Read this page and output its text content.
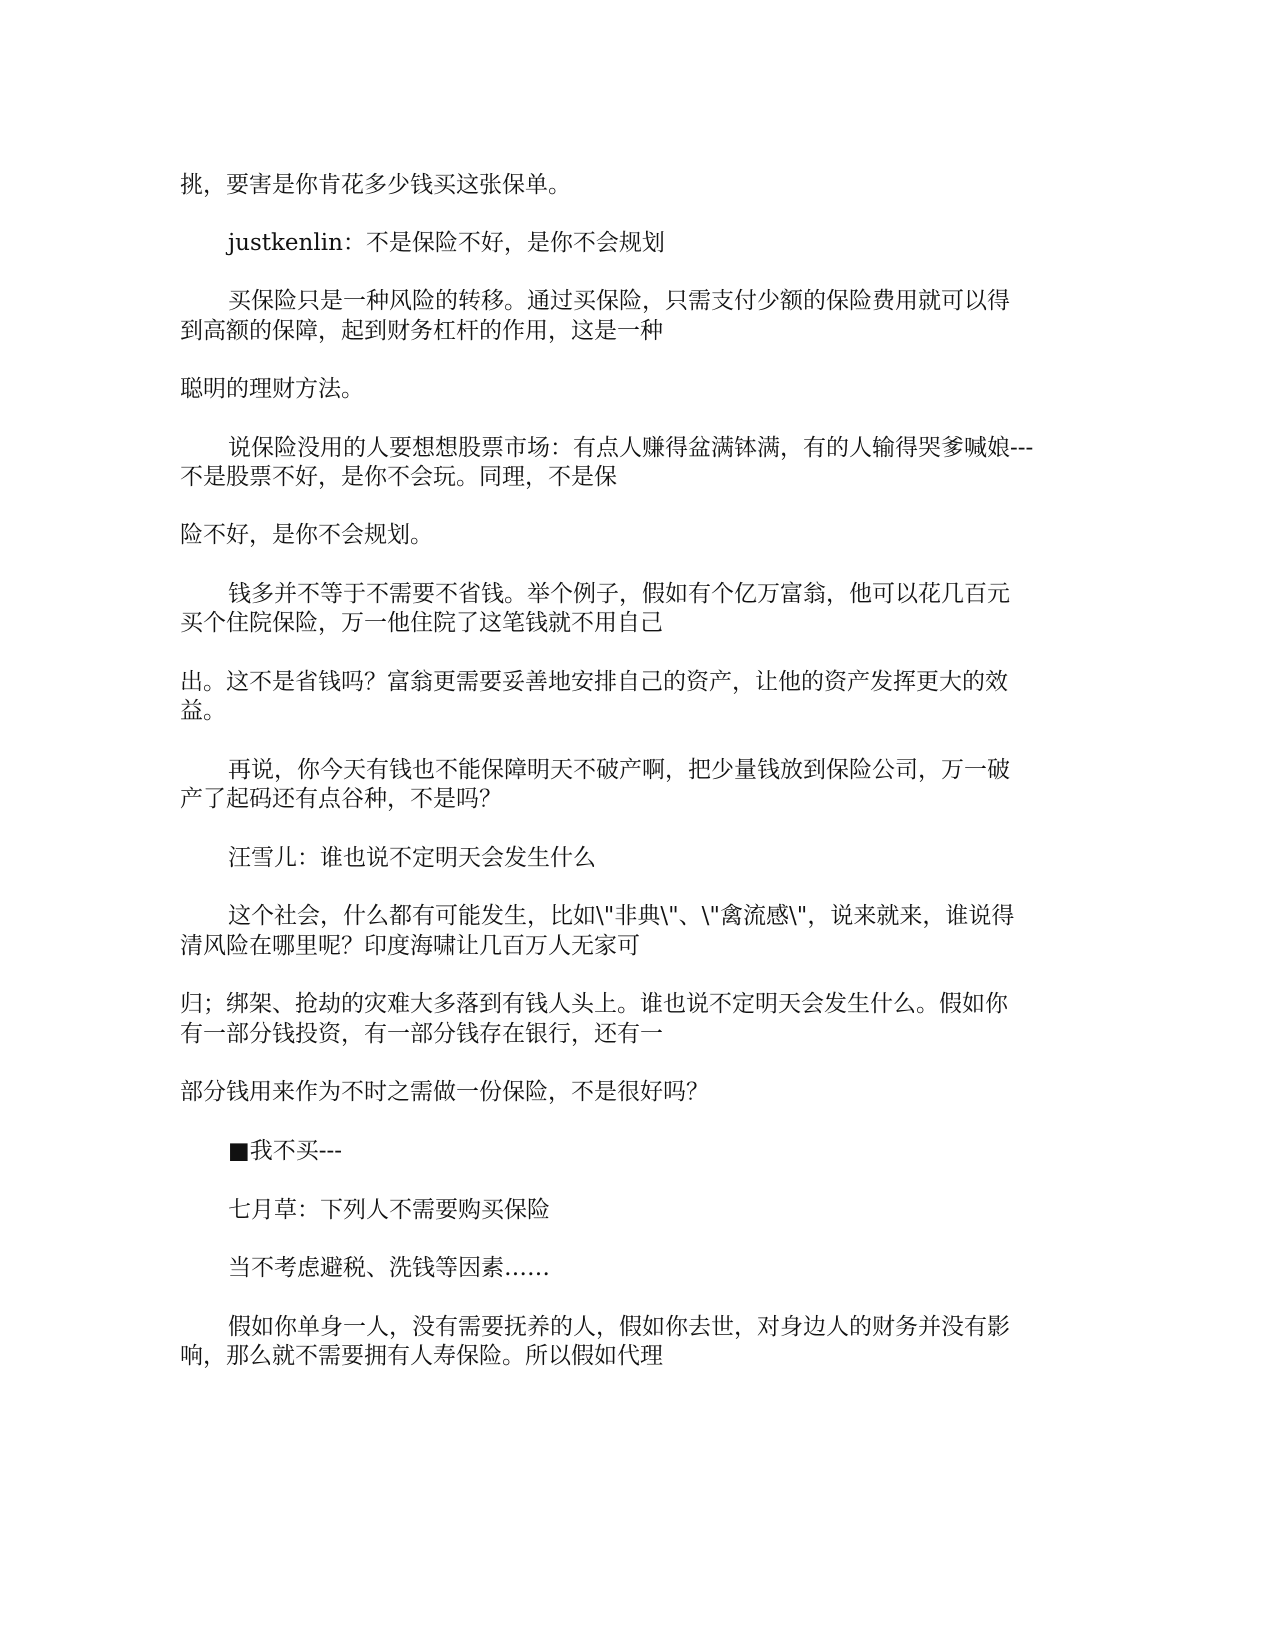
挑，要害是你肯花多少钱买这张保单。
justkenlin：不是保险不好，是你不会规划
买保险只是一种风险的转移。通过买保险，只需支付少额的保险费用就可以得
到高额的保障，起到财务杠杆的作用，这是一种
聪明的理财方法。
说保险没用的人要想想股票市场：有点人赚得盆满钵满，有的人输得哭爹喊娘---
不是股票不好，是你不会玩。同理，不是保
险不好，是你不会规划。
钱多并不等于不需要不省钱。举个例子，假如有个亿万富翁，他可以花几百元
买个住院保险，万一他住院了这笔钱就不用自己
出。这不是省钱吗？富翁更需要妥善地安排自己的资产，让他的资产发挥更大的效
益。
再说，你今天有钱也不能保障明天不破产啊，把少量钱放到保险公司，万一破
产了起码还有点谷种，不是吗？
汪雪儿：谁也说不定明天会发生什么
这个社会，什么都有可能发生，比如\"非典\"、\"禽流感\"，说来就来，谁说得
清风险在哪里呢？印度海啸让几百万人无家可
归；绑架、抢劫的灾难大多落到有钱人头上。谁也说不定明天会发生什么。假如你
有一部分钱投资，有一部分钱存在银行，还有一
部分钱用来作为不时之需做一份保险，不是很好吗？
■我不买---
七月草：下列人不需要购买保险
当不考虑避税、洗钱等因素……
假如你单身一人，没有需要抚养的人，假如你去世，对身边人的财务并没有影
响，那么就不需要拥有人寿保险。所以假如代理
